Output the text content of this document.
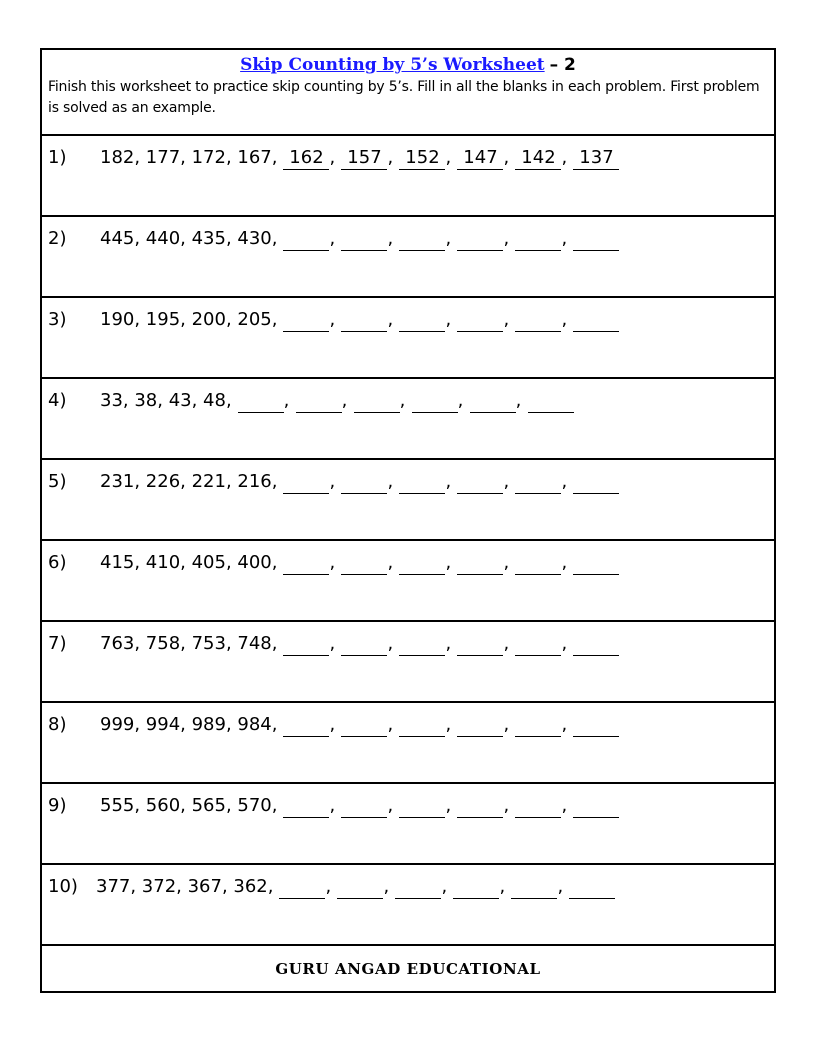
Skip Counting by 5’s Worksheet – 2
Finish this worksheet to practice skip counting by 5’s. Fill in all the blanks in each problem. First problem is solved as an example.
1)	182, 177, 172, 167, 162 , 157 , 152 , 147 , 142 , 137
2)	445, 440, 435, 430,	,	,	,	,	,
3)	190, 195, 200, 205,	,	,	,	,	,
4)	33, 38, 43, 48,	,	,	,	,	,
5)	231, 226, 221, 216,	,	,	,	,	,
6)	415, 410, 405, 400,	,	,	,	,	,
7)	763, 758, 753, 748,	,	,	,	,	,
8)	999, 994, 989, 984,	,	,	,	,	,
9)	555, 560, 565, 570,	,	,	,	,	,
10)	377, 372, 367, 362,	,	,	,	,	,
GURU ANGAD EDUCATIONAL
